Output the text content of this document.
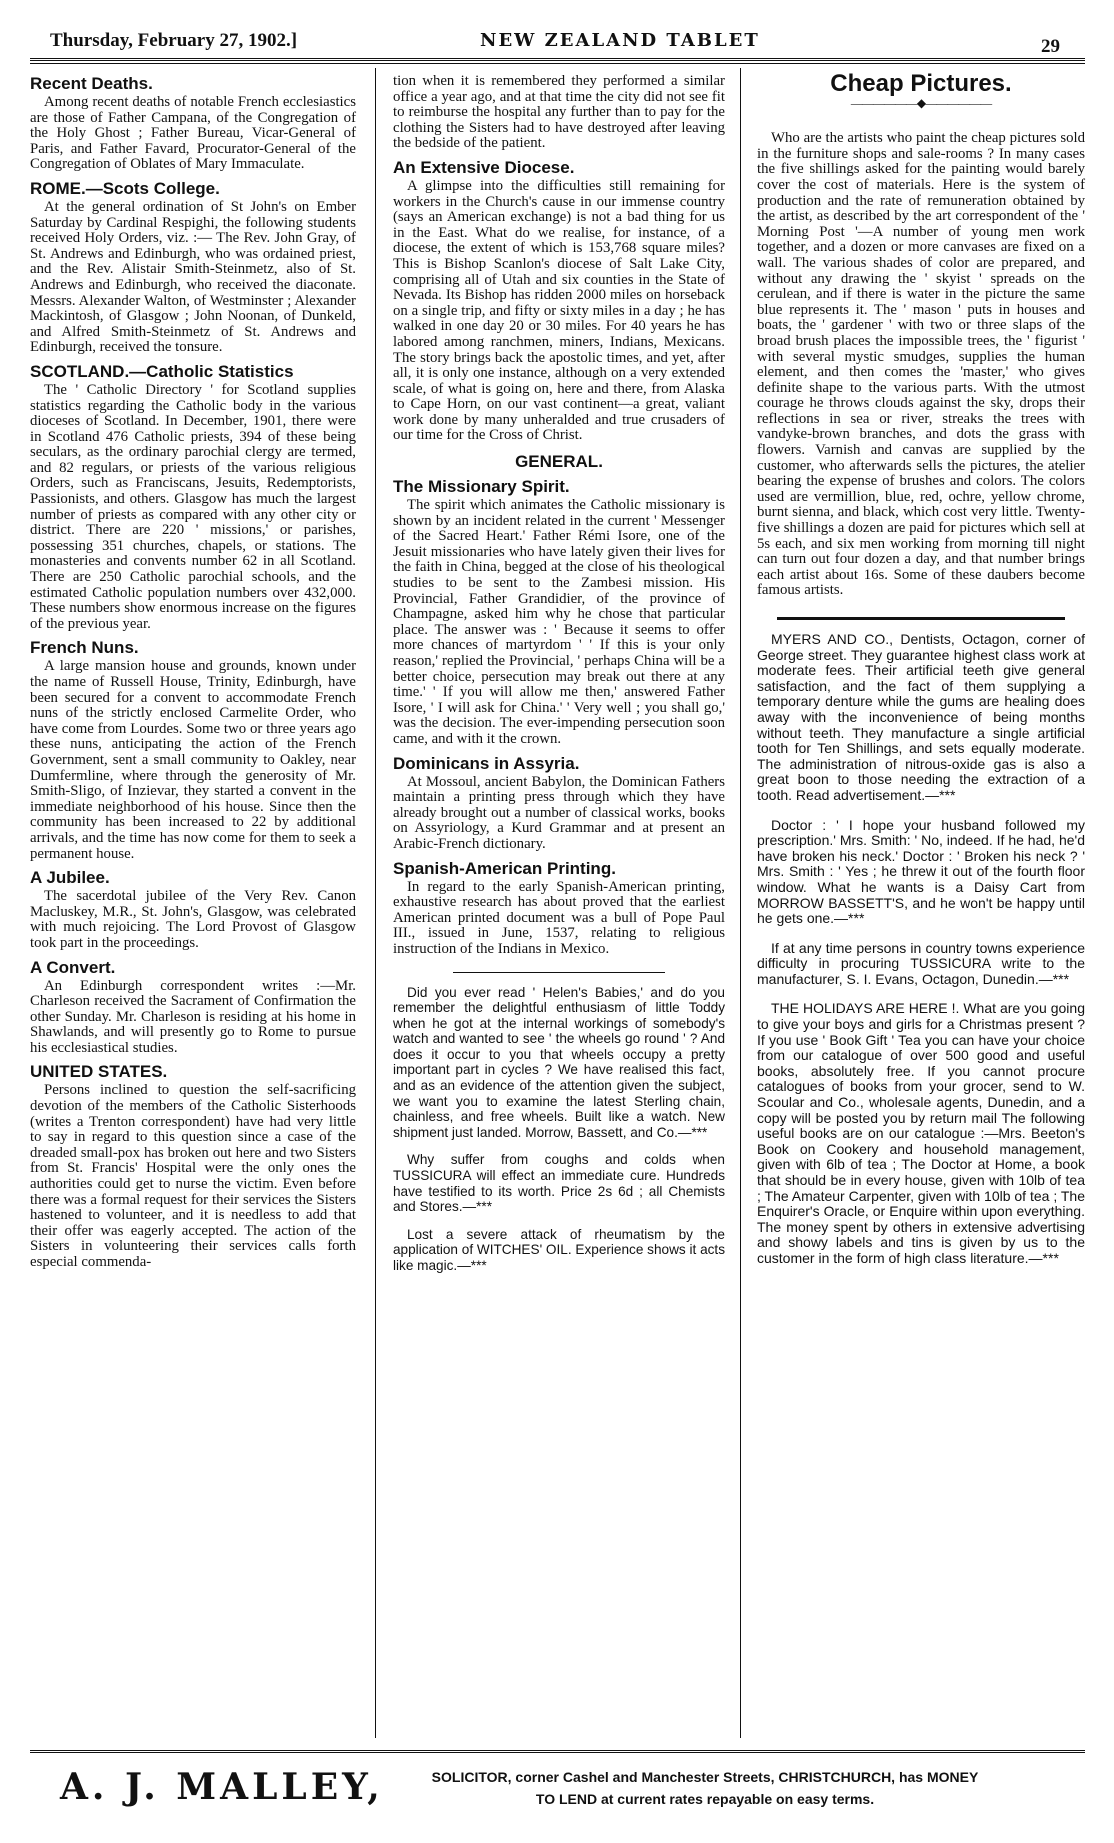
Thursday, February 27, 1902.]	NEW ZEALAND TABLET	29
Recent Deaths.

Among recent deaths of notable French ecclesiastics are those of Father Campana, of the Congregation of the Holy Ghost ; Father Bureau, Vicar-General of Paris, and Father Favard, Procurator-General of the Congregation of Oblates of Mary Immaculate.

ROME.—Scots College.

At the general ordination of St John's on Ember Saturday by Cardinal Respighi, the following students received Holy Orders, viz. :— The Rev. John Gray, of St. Andrews and Edinburgh, who was ordained priest, and the Rev. Alistair Smith-Steinmetz, also of St. Andrews and Edinburgh, who received the diaconate. Messrs. Alexander Walton, of Westminster ; Alexander Mackintosh, of Glasgow ; John Noonan, of Dunkeld, and Alfred Smith-Steinmetz of St. Andrews and Edinburgh, received the tonsure.

SCOTLAND.—Catholic Statistics

The ' Catholic Directory ' for Scotland supplies statistics regarding the Catholic body in the various dioceses of Scotland. In December, 1901, there were in Scotland 476 Catholic priests, 394 of these being seculars, as the ordinary parochial clergy are termed, and 82 regulars, or priests of the various religious Orders, such as Franciscans, Jesuits, Redemptorists, Passionists, and others. Glasgow has much the largest number of priests as compared with any other city or district. There are 220 ' missions,' or parishes, possessing 351 churches, chapels, or stations. The monasteries and convents number 62 in all Scotland. There are 250 Catholic parochial schools, and the estimated Catholic population numbers over 432,000. These numbers show enormous increase on the figures of the previous year.

French Nuns.

A large mansion house and grounds, known under the name of Russell House, Trinity, Edinburgh, have been secured for a convent to accommodate French nuns of the strictly enclosed Carmelite Order, who have come from Lourdes. Some two or three years ago these nuns, anticipating the action of the French Government, sent a small community to Oakley, near Dumfermline, where through the generosity of Mr. Smith-Sligo, of Inzievar, they started a convent in the immediate neighborhood of his house. Since then the community has been increased to 22 by additional arrivals, and the time has now come for them to seek a permanent house.

A Jubilee.

The sacerdotal jubilee of the Very Rev. Canon Macluskey, M.R., St. John's, Glasgow, was celebrated with much rejoicing. The Lord Provost of Glasgow took part in the proceedings.

A Convert.

An Edinburgh correspondent writes :—Mr. Charleson received the Sacrament of Confirmation the other Sunday. Mr. Charleson is residing at his home in Shawlands, and will presently go to Rome to pursue his ecclesiastical studies.

UNITED STATES.

Persons inclined to question the self-sacrificing devotion of the members of the Catholic Sisterhoods (writes a Trenton correspondent) have had very little to say in regard to this question since a case of the dreaded small-pox has broken out here and two Sisters from St. Francis' Hospital were the only ones the authorities could get to nurse the victim. Even before there was a formal request for their services the Sisters hastened to volunteer, and it is needless to add that their offer was eagerly accepted. The action of the Sisters in volunteering their services calls forth especial commenda-

tion when it is remembered they performed a similar office a year ago, and at that time the city did not see fit to reimburse the hospital any further than to pay for the clothing the Sisters had to have destroyed after leaving the bedside of the patient.

An Extensive Diocese.

A glimpse into the difficulties still remaining for workers in the Church's cause in our immense country (says an American exchange) is not a bad thing for us in the East. What do we realise, for instance, of a diocese, the extent of which is 153,768 square miles? This is Bishop Scanlon's diocese of Salt Lake City, comprising all of Utah and six counties in the State of Nevada. Its Bishop has ridden 2000 miles on horseback on a single trip, and fifty or sixty miles in a day ; he has walked in one day 20 or 30 miles. For 40 years he has labored among ranchmen, miners, Indians, Mexicans. The story brings back the apostolic times, and yet, after all, it is only one instance, although on a very extended scale, of what is going on, here and there, from Alaska to Cape Horn, on our vast continent—a great, valiant work done by many unheralded and true crusaders of our time for the Cross of Christ.

GENERAL.
The Missionary Spirit.

The spirit which animates the Catholic missionary is shown by an incident related in the current ' Messenger of the Sacred Heart.' Father Rémi Isore, one of the Jesuit missionaries who have lately given their lives for the faith in China, begged at the close of his theological studies to be sent to the Zambesi mission. His Provincial, Father Grandidier, of the province of Champagne, asked him why he chose that particular place. The answer was : ' Because it seems to offer more chances of martyrdom ' ' If this is your only reason,' replied the Provincial, ' perhaps China will be a better choice, persecution may break out there at any time.' ' If you will allow me then,' answered Father Isore, ' I will ask for China.' ' Very well ; you shall go,' was the decision. The ever-impending persecution soon came, and with it the crown.

Dominicans in Assyria.

At Mossoul, ancient Babylon, the Dominican Fathers maintain a printing press through which they have already brought out a number of classical works, books on Assyriology, a Kurd Grammar and at present an Arabic-French dictionary.

Spanish-American Printing.

In regard to the early Spanish-American printing, exhaustive research has about proved that the earliest American printed document was a bull of Pope Paul III., issued in June, 1537, relating to religious instruction of the Indians in Mexico.

Did you ever read ' Helen's Babies,' and do you remember the delightful enthusiasm of little Toddy when he got at the internal workings of somebody's watch and wanted to see ' the wheels go round ' ? And does it occur to you that wheels occupy a pretty important part in cycles ? We have realised this fact, and as an evidence of the attention given the subject, we want you to examine the latest Sterling chain, chainless, and free wheels. Built like a watch. New shipment just landed. Morrow, Bassett, and Co.—***

Why suffer from coughs and colds when TUSSICURA will effect an immediate cure. Hundreds have testified to its worth. Price 2s 6d ; all Chemists and Stores.—***

Lost a severe attack of rheumatism by the application of WITCHES' OIL. Experience shows it acts like magic.—***

Cheap Pictures.
——————◆——————

Who are the artists who paint the cheap pictures sold in the furniture shops and sale-rooms ? In many cases the five shillings asked for the painting would barely cover the cost of materials. Here is the system of production and the rate of remuneration obtained by the artist, as described by the art correspondent of the ' Morning Post '—A number of young men work together, and a dozen or more canvases are fixed on a wall. The various shades of color are prepared, and without any drawing the ' skyist ' spreads on the cerulean, and if there is water in the picture the same blue represents it. The ' mason ' puts in houses and boats, the ' gardener ' with two or three slaps of the broad brush places the impossible trees, the ' figurist ' with several mystic smudges, supplies the human element, and then comes the 'master,' who gives definite shape to the various parts. With the utmost courage he throws clouds against the sky, drops their reflections in sea or river, streaks the trees with vandyke-brown branches, and dots the grass with flowers. Varnish and canvas are supplied by the customer, who afterwards sells the pictures, the atelier bearing the expense of brushes and colors. The colors used are vermillion, blue, red, ochre, yellow chrome, burnt sienna, and black, which cost very little. Twenty-five shillings a dozen are paid for pictures which sell at 5s each, and six men working from morning till night can turn out four dozen a day, and that number brings each artist about 16s. Some of these daubers become famous artists.

MYERS AND CO., Dentists, Octagon, corner of George street. They guarantee highest class work at moderate fees. Their artificial teeth give general satisfaction, and the fact of them supplying a temporary denture while the gums are healing does away with the inconvenience of being months without teeth. They manufacture a single artificial tooth for Ten Shillings, and sets equally moderate. The administration of nitrous-oxide gas is also a great boon to those needing the extraction of a tooth. Read advertisement.—***

Doctor : ' I hope your husband followed my prescription.' Mrs. Smith: ' No, indeed. If he had, he'd have broken his neck.' Doctor : ' Broken his neck ? ' Mrs. Smith : ' Yes ; he threw it out of the fourth floor window. What he wants is a Daisy Cart from MORROW BASSETT'S, and he won't be happy until he gets one.—***

If at any time persons in country towns experience difficulty in procuring TUSSICURA write to the manufacturer, S. I. Evans, Octagon, Dunedin.—***

THE HOLIDAYS ARE HERE !. What are you going to give your boys and girls for a Christmas present ? If you use ' Book Gift ' Tea you can have your choice from our catalogue of over 500 good and useful books, absolutely free. If you cannot procure catalogues of books from your grocer, send to W. Scoular and Co., wholesale agents, Dunedin, and a copy will be posted you by return mail The following useful books are on our catalogue :—Mrs. Beeton's Book on Cookery and household management, given with 6lb of tea ; The Doctor at Home, a book that should be in every house, given with 10lb of tea ; The Amateur Carpenter, given with 10lb of tea ; The Enquirer's Oracle, or Enquire within upon everything. The money spent by others in extensive advertising and showy labels and tins is given by us to the customer in the form of high class literature.—***

A. J. MALLEY,	SOLICITOR, corner Cashel and Manchester Streets, CHRISTCHURCH, has MONEY
TO LEND at current rates repayable on easy terms.
